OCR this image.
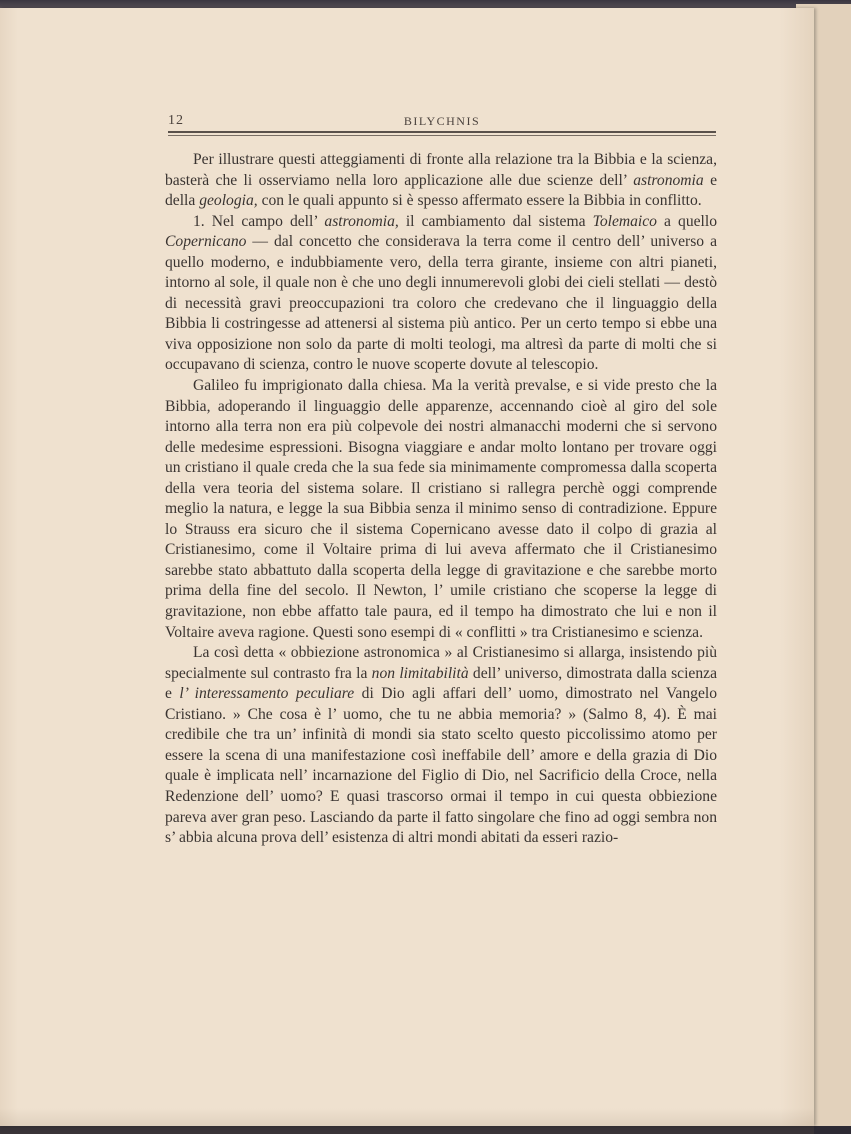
12	BILYCHNIS

Per illustrare questi atteggiamenti di fronte alla relazione tra la Bibbia e la scienza, basterà che li osserviamo nella loro applicazione alle due scienze dell’ astronomia e della geologia, con le quali appunto si è spesso affermato essere la Bibbia in conflitto.

1. Nel campo dell’ astronomia, il cambiamento dal sistema Tolemaico a quello Copernicano — dal concetto che considerava la terra come il centro dell’ universo a quello moderno, e indubbiamente vero, della terra girante, insieme con altri pianeti, intorno al sole, il quale non è che uno degli innumerevoli globi dei cieli stellati — destò di necessità gravi preoccupazioni tra coloro che credevano che il linguaggio della Bibbia li costringesse ad attenersi al sistema più antico. Per un certo tempo si ebbe una viva opposizione non solo da parte di molti teologi, ma altresì da parte di molti che si occupavano di scienza, contro le nuove scoperte dovute al telescopio.

Galileo fu imprigionato dalla chiesa. Ma la verità prevalse, e si vide presto che la Bibbia, adoperando il linguaggio delle apparenze, accennando cioè al giro del sole intorno alla terra non era più colpevole dei nostri almanacchi moderni che si servono delle medesime espressioni. Bisogna viaggiare e andar molto lontano per trovare oggi un cristiano il quale creda che la sua fede sia minimamente compromessa dalla scoperta della vera teoria del sistema solare. Il cristiano si rallegra perchè oggi comprende meglio la natura, e legge la sua Bibbia senza il minimo senso di contradizione. Eppure lo Strauss era sicuro che il sistema Copernicano avesse dato il colpo di grazia al Cristianesimo, come il Voltaire prima di lui aveva affermato che il Cristianesimo sarebbe stato abbattuto dalla scoperta della legge di gravitazione e che sarebbe morto prima della fine del secolo. Il Newton, l’ umile cristiano che scoperse la legge di gravitazione, non ebbe affatto tale paura, ed il tempo ha dimostrato che lui e non il Voltaire aveva ragione. Questi sono esempi di « conflitti » tra Cristianesimo e scienza.

La così detta « obbiezione astronomica » al Cristianesimo si allarga, insistendo più specialmente sul contrasto fra la non limitabilità dell’ universo, dimostrata dalla scienza e l’ interessamento peculiare di Dio agli affari dell’ uomo, dimostrato nel Vangelo Cristiano. » Che cosa è l’ uomo, che tu ne abbia memoria? » (Salmo 8, 4). È mai credibile che tra un’ infinità di mondi sia stato scelto questo piccolissimo atomo per essere la scena di una manifestazione così ineffabile dell’ amore e della grazia di Dio quale è implicata nell’ incarnazione del Figlio di Dio, nel Sacrificio della Croce, nella Redenzione dell’ uomo? E quasi trascorso ormai il tempo in cui questa obbiezione pareva aver gran peso. Lasciando da parte il fatto singolare che fino ad oggi sembra non s’ abbia alcuna prova dell’ esistenza di altri mondi abitati da esseri razio-
